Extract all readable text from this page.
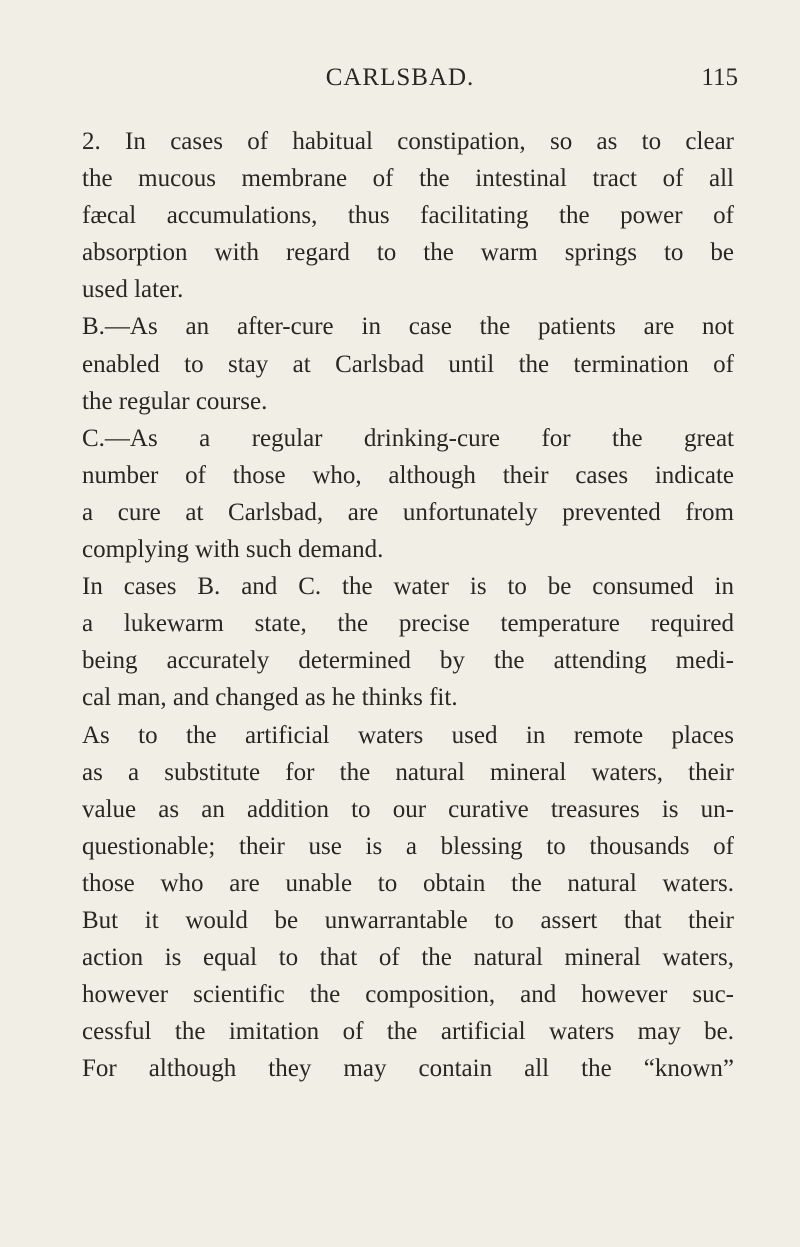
CARLSBAD.	115
2. In cases of habitual constipation, so as to clear
the mucous membrane of the intestinal tract of all
fæcal accumulations, thus facilitating the power of
absorption with regard to the warm springs to be
used later.
B.—As an after-cure in case the patients are not
enabled to stay at Carlsbad until the termination of
the regular course.
C.—As a regular drinking-cure for the great
number of those who, although their cases indicate
a cure at Carlsbad, are unfortunately prevented from
complying with such demand.
In cases B. and C. the water is to be consumed in
a lukewarm state, the precise temperature required
being accurately determined by the attending medi-
cal man, and changed as he thinks fit.
As to the artificial waters used in remote places
as a substitute for the natural mineral waters, their
value as an addition to our curative treasures is un-
questionable; their use is a blessing to thousands of
those who are unable to obtain the natural waters.
But it would be unwarrantable to assert that their
action is equal to that of the natural mineral waters,
however scientific the composition, and however suc-
cessful the imitation of the artificial waters may be.
For although they may contain all the “known”
